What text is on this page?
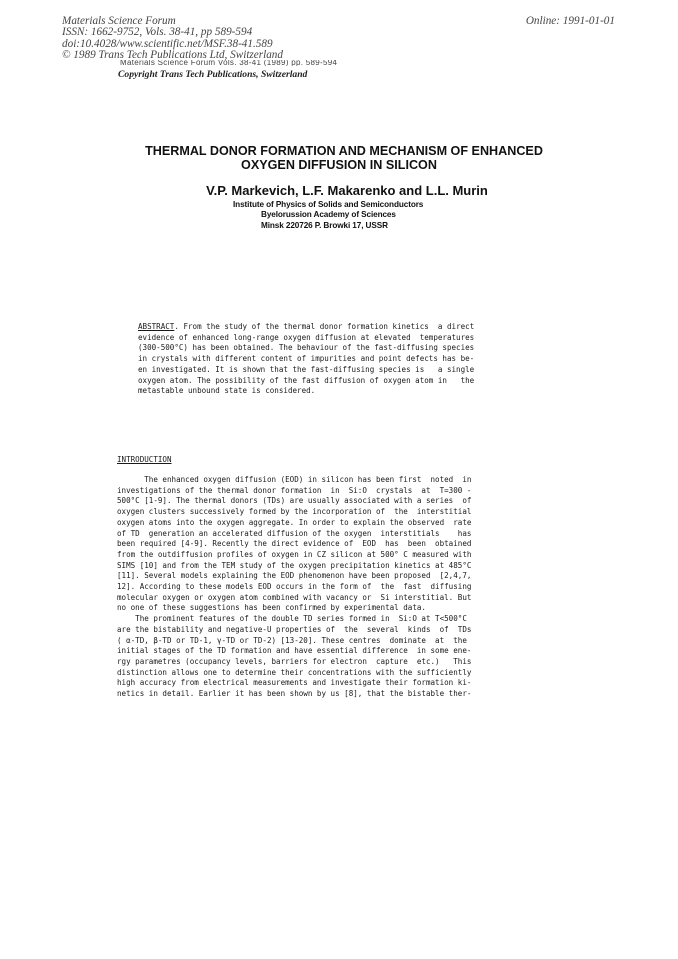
Materials Science Forum
ISSN: 1662-9752, Vols. 38-41, pp 589-594
doi:10.4028/www.scientific.net/MSF.38-41.589
© 1989 Trans Tech Publications Ltd, Switzerland
Online: 1991-01-01
Materials Science Forum Vols. 38-41 (1989) pp. 589-594
Copyright Trans Tech Publications, Switzerland
THERMAL DONOR FORMATION AND MECHANISM OF ENHANCED
OXYGEN DIFFUSION IN SILICON
V.P. Markevich, L.F. Makarenko and L.L. Murin
Institute of Physics of Solids and Semiconductors
Byelorussion Academy of Sciences
Minsk 220726 P. Browki 17, USSR
ABSTRACT. From the study of the thermal donor formation kinetics  a direct
evidence of enhanced long-range oxygen diffusion at elevated  temperatures
(300-500°C) has been obtained. The behaviour of the fast-diffusing species
in crystals with different content of impurities and point defects has be-
en investigated. It is shown that the fast-diffusing species is   a single
oxygen atom. The possibility of the fast diffusion of oxygen atom in   the
metastable unbound state is considered.
INTRODUCTION
The enhanced oxygen diffusion (EOD) in silicon has been first  noted  in
investigations of the thermal donor formation  in  Si:O  crystals  at  T=300 -
500°C [1-9]. The thermal donors (TDs) are usually associated with a series  of
oxygen clusters successively formed by the incorporation of  the  interstitial
oxygen atoms into the oxygen aggregate. In order to explain the observed  rate
of TD  generation an accelerated diffusion of the oxygen  interstitials    has
been required [4-9]. Recently the direct evidence of  EOD  has  been  obtained
from the outdiffusion profiles of oxygen in CZ silicon at 500° C measured with
SIMS [10] and from the TEM study of the oxygen precipitation kinetics at 485°C
[11]. Several models explaining the EOD phenomenon have been proposed  [2,4,7,
12]. According to these models EOD occurs in the form of  the  fast  diffusing
molecular oxygen or oxygen atom combined with vacancy or  Si interstitial. But
no one of these suggestions has been confirmed by experimental data.
The prominent features of the double TD series formed in  Si:O at T<500°C
are the bistability and negative-U properties of  the  several  kinds  of  TDs
( α-TD, β-TD or TD-1, γ-TD or TD-2) [13-20]. These centres  dominate  at  the
initial stages of the TD formation and have essential difference  in some ene-
rgy parametres (occupancy levels, barriers for electron  capture  etc.)   This
distinction allows one to determine their concentrations with the sufficiently
high accuracy from electrical measurements and investigate their formation ki-
netics in detail. Earlier it has been shown by us [8], that the bistable ther-
